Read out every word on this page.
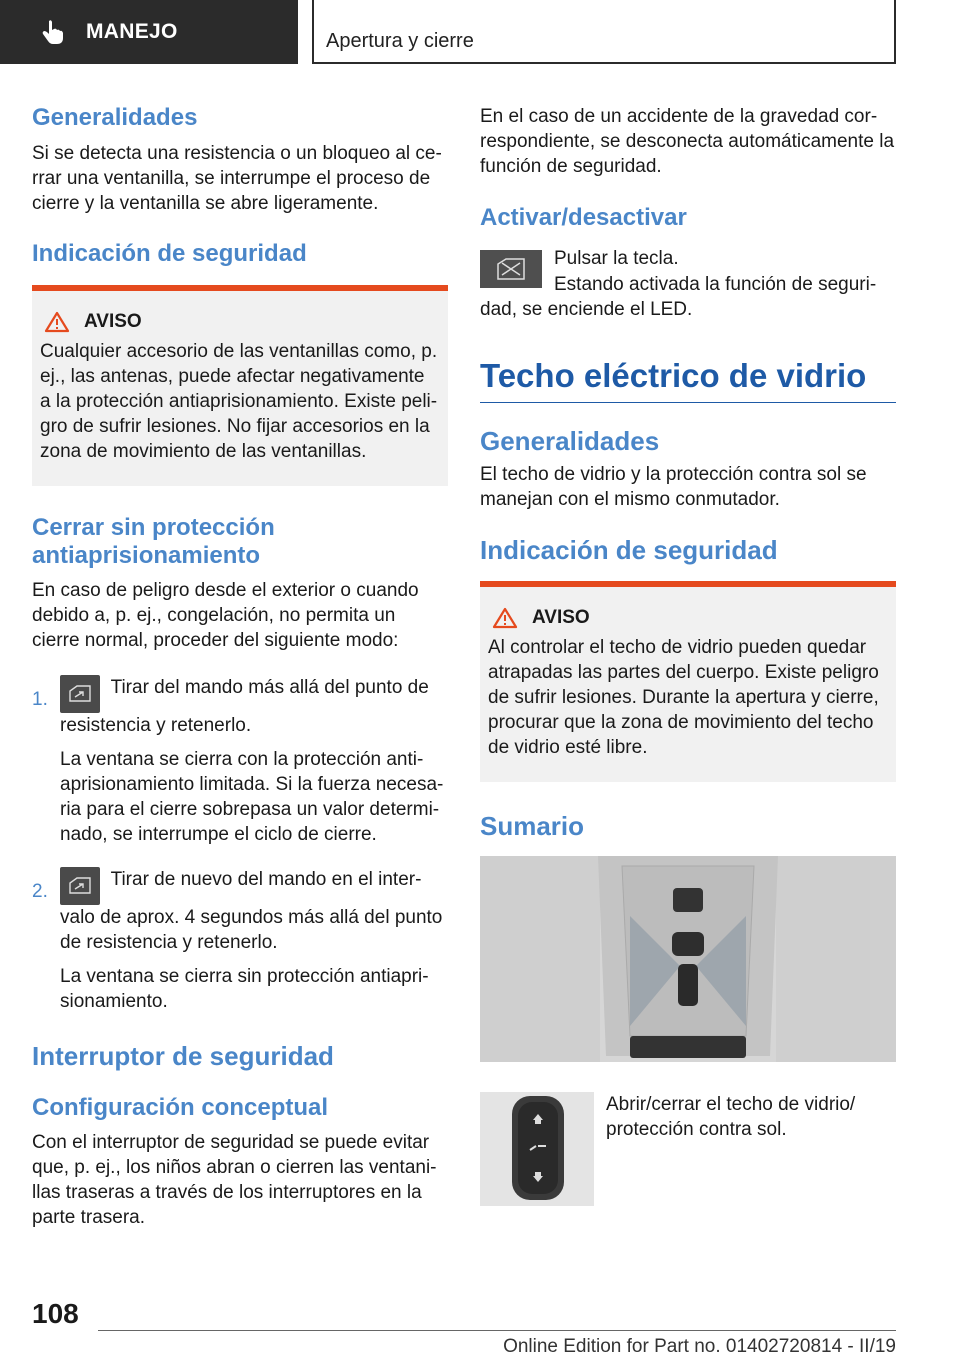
MANEJO	Apertura y cierre
Generalidades

Si se detecta una resistencia o un bloqueo al ce-rrar una ventanilla, se interrumpe el proceso de cierre y la ventanilla se abre ligeramente.

Indicación de seguridad
AVISO

Cualquier accesorio de las ventanillas como, p. ej., las antenas, puede afectar negativamente a la protección antiaprisionamiento. Existe peli-gro de sufrir lesiones. No fijar accesorios en la zona de movimiento de las ventanillas.

Cerrar sin protección antiaprisionamiento

En caso de peligro desde el exterior o cuando debido a, p. ej., congelación, no permita un cierre normal, proceder del siguiente modo:

1.

Tirar del mando más allá del punto de resistencia y retenerlo.

La ventana se cierra con la protección anti-aprisionamiento limitada. Si la fuerza necesa-ria para el cierre sobrepasa un valor determi-nado, se interrumpe el ciclo de cierre.

2.

Tirar de nuevo del mando en el inter-valo de aprox. 4 segundos más allá del punto de resistencia y retenerlo.

La ventana se cierra sin protección antiapri-sionamiento.

Interruptor de seguridad
Configuración conceptual

Con el interruptor de seguridad se puede evitar que, p. ej., los niños abran o cierren las ventani-llas traseras a través de los interruptores en la parte trasera.

En el caso de un accidente de la gravedad cor-respondiente, se desconecta automáticamente la función de seguridad.

Activar/desactivar

Pulsar la tecla.

Estando activada la función de seguri-dad, se enciende el LED.

Techo eléctrico de vidrio
Generalidades

El techo de vidrio y la protección contra sol se manejan con el mismo conmutador.

Indicación de seguridad
AVISO

Al controlar el techo de vidrio pueden quedar atrapadas las partes del cuerpo. Existe peligro de sufrir lesiones. Durante la apertura y cierre, procurar que la zona de movimiento del techo de vidrio esté libre.

Sumario

Abrir/cerrar el techo de vidrio/ protección contra sol.

108
Online Edition for Part no. 01402720814 - II/19
